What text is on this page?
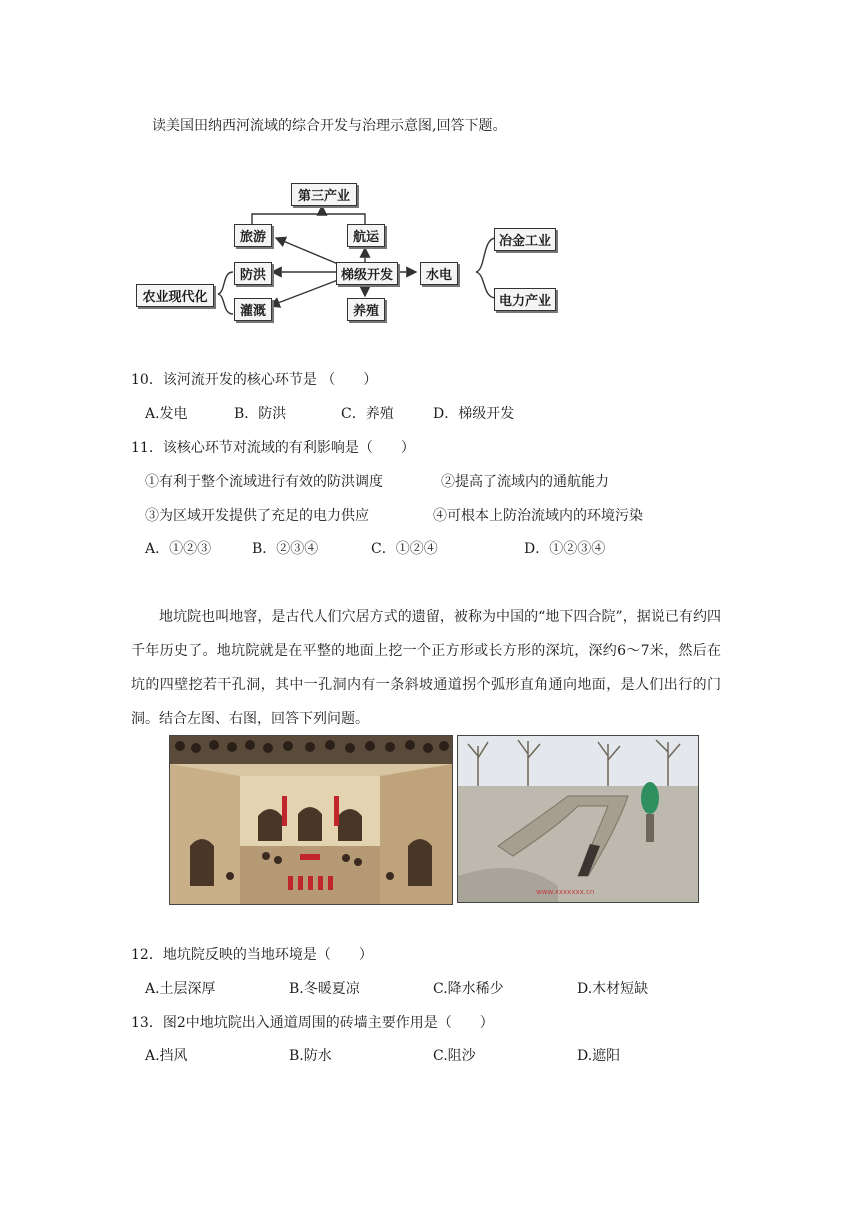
读美国田纳西河流域的综合开发与治理示意图,回答下题。
第三产业
旅游	航运
防洪
灌溉
梯级开发
养殖
农业现代化
水电
冶金工业
电力产业
10．该河流开发的核心环节是 （　　）
A.发电	B．防洪	C．养殖	D．梯级开发
11．该核心环节对流域的有利影响是（　　）
①有利于整个流域进行有效的防洪调度	②提高了流域内的通航能力
③为区域开发提供了充足的电力供应	④可根本上防治流域内的环境污染
A．①②③	B．②③④	C．①②④	D．①②③④
地坑院也叫地窨，是古代人们穴居方式的遗留，被称为中国的“地下四合院”，据说已有约四千年历史了。地坑院就是在平整的地面上挖一个正方形或长方形的深坑，深约6～7米，然后在坑的四壁挖若干孔洞，其中一孔洞内有一条斜坡通道拐个弧形直角通向地面，是人们出行的门洞。结合左图、右图，回答下列问题。
www.xxxxxxx.cn
12．地坑院反映的当地环境是（　　）
A.土层深厚	B.冬暖夏凉	C.降水稀少	D.木材短缺
13．图2中地坑院出入通道周围的砖墙主要作用是（　　）
A.挡风	B.防水	C.阻沙	D.遮阳
